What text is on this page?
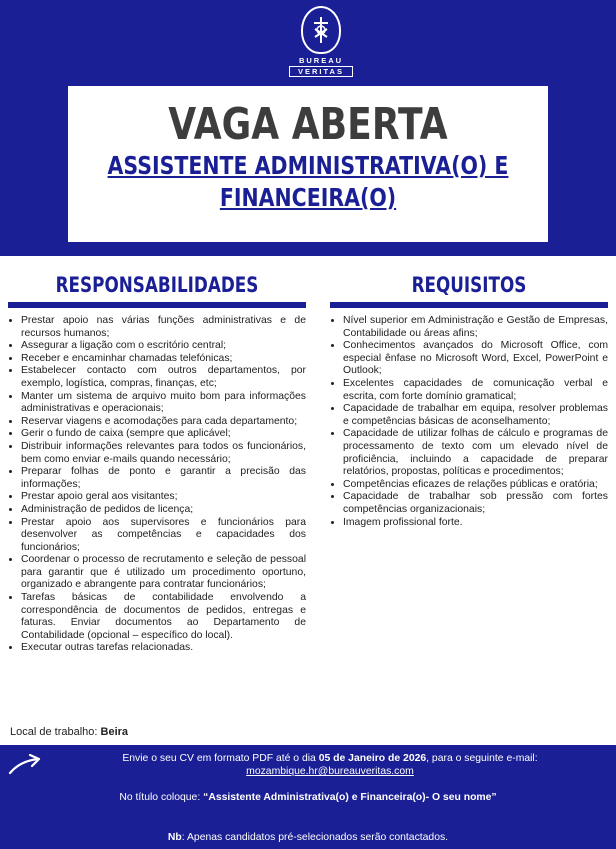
BUREAU
VERITAS
VAGA ABERTA
ASSISTENTE ADMINISTRATIVA(O) E
FINANCEIRA(O)
RESPONSABILIDADES
• Prestar apoio nas várias funções administrativas e de recursos humanos;
• Assegurar a ligação com o escritório central;
• Receber e encaminhar chamadas telefónicas;
• Estabelecer contacto com outros departamentos, por exemplo, logística, compras, finanças, etc;
• Manter um sistema de arquivo muito bom para informações administrativas e operacionais;
• Reservar viagens e acomodações para cada departamento;
• Gerir o fundo de caixa (sempre que aplicável;
• Distribuir informações relevantes para todos os funcionários, bem como enviar e-mails quando necessário;
• Preparar folhas de ponto e garantir a precisão das informações;
• Prestar apoio geral aos visitantes;
• Administração de pedidos de licença;
• Prestar apoio aos supervisores e funcionários para desenvolver as competências e capacidades dos funcionários;
• Coordenar o processo de recrutamento e seleção de pessoal para garantir que é utilizado um procedimento oportuno, organizado e abrangente para contratar funcionários;
• Tarefas básicas de contabilidade envolvendo a correspondência de documentos de pedidos, entregas e faturas. Enviar documentos ao Departamento de Contabilidade (opcional – específico do local).
• Executar outras tarefas relacionadas.
REQUISITOS
• Nível superior em Administração e Gestão de Empresas, Contabilidade ou áreas afins;
• Conhecimentos avançados do Microsoft Office, com especial ênfase no Microsoft Word, Excel, PowerPoint e Outlook;
• Excelentes capacidades de comunicação verbal e escrita, com forte domínio gramatical;
• Capacidade de trabalhar em equipa, resolver problemas e competências básicas de aconselhamento;
• Capacidade de utilizar folhas de cálculo e programas de processamento de texto com um elevado nível de proficiência, incluindo a capacidade de preparar relatórios, propostas, políticas e procedimentos;
• Competências eficazes de relações públicas e oratória;
• Capacidade de trabalhar sob pressão com fortes competências organizacionais;
• Imagem profissional forte.
Local de trabalho: Beira
Envie o seu CV em formato PDF até o dia 05 de Janeiro de 2026, para o seguinte e-mail:
mozambique.hr@bureauveritas.com
No título coloque: “Assistente Administrativa(o) e Financeira(o)- O seu nome”
Nb: Apenas candidatos pré-selecionados serão contactados.
